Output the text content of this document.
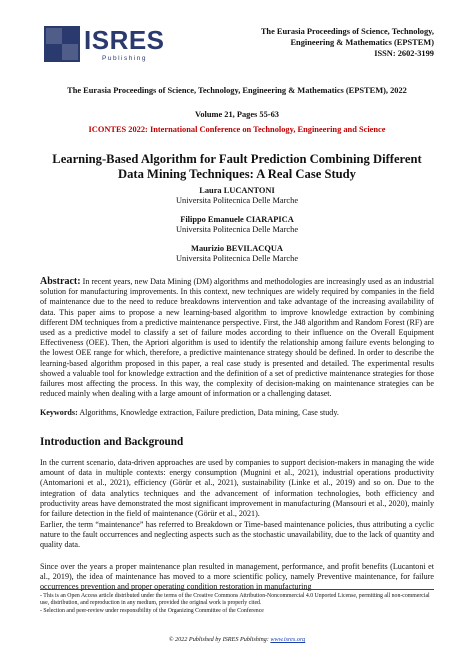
ISRES
Publishing
The Eurasia Proceedings of Science, Technology,
Engineering & Mathematics (EPSTEM)
ISSN: 2602-3199
The Eurasia Proceedings of Science, Technology, Engineering & Mathematics (EPSTEM), 2022
Volume 21, Pages 55-63
ICONTES 2022: International Conference on Technology, Engineering and Science
Learning-Based Algorithm for Fault Prediction Combining Different Data Mining Techniques: A Real Case Study
Laura LUCANTONI
Universita Politecnica Delle Marche
Filippo Emanuele CIARAPICA
Universita Politecnica Delle Marche
Maurizio BEVILACQUA
Universita Politecnica Delle Marche
Abstract: In recent years, new Data Mining (DM) algorithms and methodologies are increasingly used as an industrial solution for manufacturing improvements. In this context, new techniques are widely required by companies in the field of maintenance due to the need to reduce breakdowns intervention and take advantage of the increasing availability of data. This paper aims to propose a new learning-based algorithm to improve knowledge extraction by combining different DM techniques from a predictive maintenance perspective. First, the J48 algorithm and Random Forest (RF) are used as a predictive model to classify a set of failure modes according to their influence on the Overall Equipment Effectiveness (OEE). Then, the Apriori algorithm is used to identify the relationship among failure events belonging to the lowest OEE range for which, therefore, a predictive maintenance strategy should be defined. In order to describe the learning-based algorithm proposed in this paper, a real case study is presented and detailed. The experimental results showed a valuable tool for knowledge extraction and the definition of a set of predictive maintenance strategies for those failures most affecting the process. In this way, the complexity of decision-making on maintenance strategies can be reduced mainly when dealing with a large amount of information or a challenging dataset.
Keywords: Algorithms, Knowledge extraction, Failure prediction, Data mining, Case study.
Introduction and Background
In the current scenario, data-driven approaches are used by companies to support decision-makers in managing the wide amount of data in multiple contexts: energy consumption (Mugnini et al., 2021), industrial operations productivity (Antomarioni et al., 2021), efficiency (Görür et al., 2021), sustainability (Linke et al., 2019) and so on. Due to the integration of data analytics techniques and the advancement of information technologies, both efficiency and productivity areas have demonstrated the most significant improvement in manufacturing (Mansouri et al., 2020), mainly for failure detection in the field of maintenance (Görür et al., 2021).
Earlier, the term “maintenance” has referred to Breakdown or Time-based maintenance policies, thus attributing a cyclic nature to the fault occurrences and neglecting aspects such as the stochastic unavailability, due to the lack of quantity and quality data.
Since over the years a proper maintenance plan resulted in management, performance, and profit benefits (Lucantoni et al., 2019), the idea of maintenance has moved to a more scientific policy, namely Preventive maintenance, for failure occurrences prevention and proper operating condition restoration in manufacturing
- This is an Open Access article distributed under the terms of the Creative Commons Attribution-Noncommercial 4.0 Unported License, permitting all non-commercial use, distribution, and reproduction in any medium, provided the original work is properly cited.
- Selection and peer-review under responsibility of the Organizing Committee of the Conference
© 2022 Published by ISRES Publishing: www.isres.org
